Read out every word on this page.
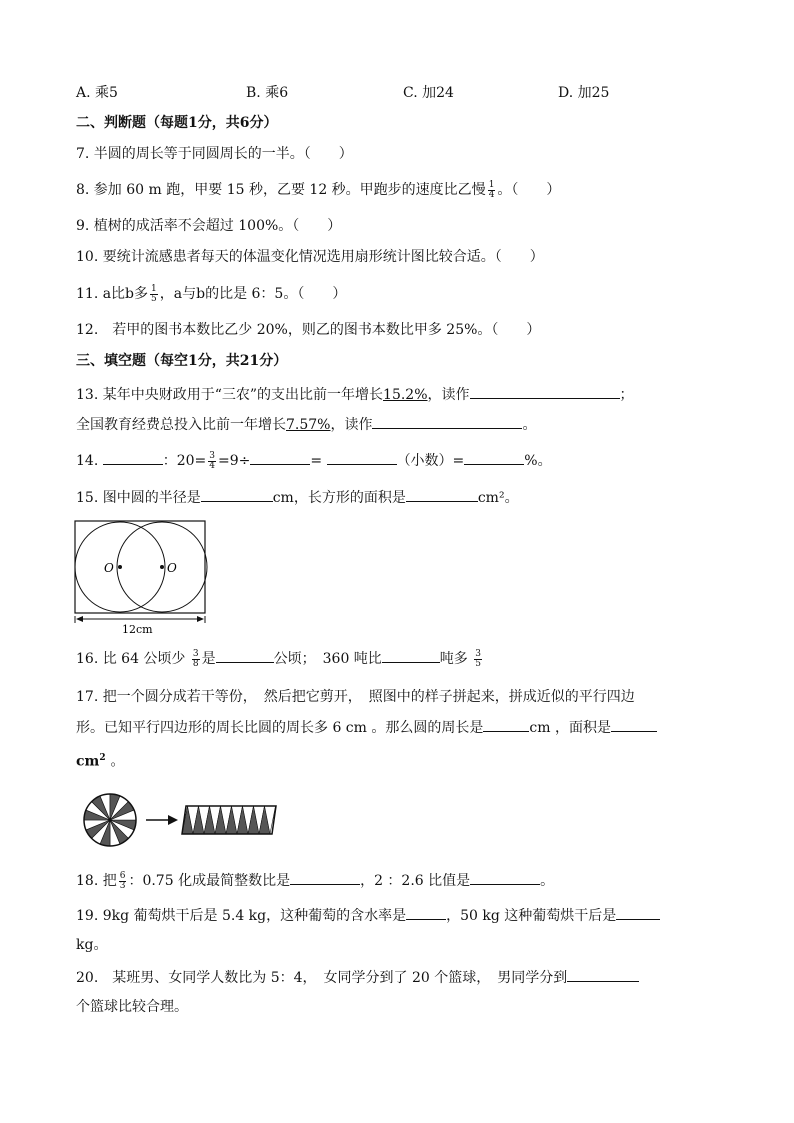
A. 乘5	B. 乘6	C. 加24	D. 加25
二、判断题（每题1分，共6分）
7. 半圆的周长等于同圆周长的一半。（　　）
8. 参加 60 m 跑，甲要 15 秒，乙要 12 秒。甲跑步的速度比乙慢 $\frac{1}{4}$ 。（　　）
9. 植树的成活率不会超过 100%。（　　）
10. 要统计流感患者每天的体温变化情况选用扇形统计图比较合适。（　　）
11. a比b多 $\frac{1}{5}$ ，a与b的比是 6：5。（　　）
12.　若甲的图书本数比乙少 20%，则乙的图书本数比甲多 25%。（　　）
三、填空题（每空1分，共21分）
13. 某年中央财政用于“三农”的支出比前一年增长15.2%，读作	；
全国教育经费总投入比前一年增长7.57%，读作	。
14.	：$20= \frac{3}{4} =9\div$	=	（小数）=	%。
15. 图中圆的半径是	cm，长方形的面积是	cm²。
O	O
12cm
16. 比 64 公顷少 $\frac{3}{8}$ 是	公顷；　360 吨比	吨多 $\frac{3}{5}$
17. 把一个圆分成若干等份，　然后把它剪开，　照图中的样子拼起来，拼成近似的平行四边
形。已知平行四边形的周长比圆的周长多 6 cm 。那么圆的周长是	cm ，面积是
$cm^2$ 。
18. 把 $\frac{6}{3}$ ：0.75 化成最简整数比是	，2 ：2.6 比值是	。
19. 9kg 葡萄烘干后是 5.4 kg，这种葡萄的含水率是	，50 kg 这种葡萄烘干后是
kg。
20.　某班男、女同学人数比为 5：4，　女同学分到了 20 个篮球，　男同学分到
个篮球比较合理。
